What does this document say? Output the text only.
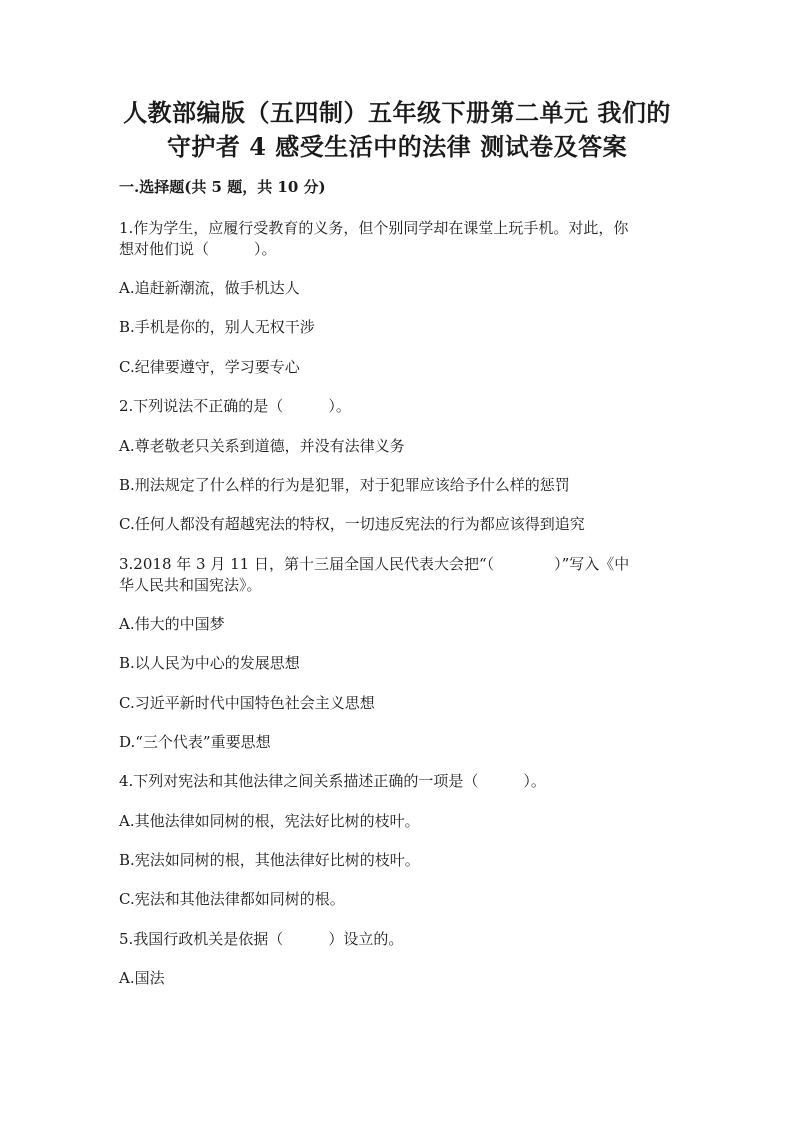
人教部编版（五四制）五年级下册第二单元 我们的
守护者 4 感受生活中的法律 测试卷及答案
一.选择题(共 5 题，共 10 分)
1.作为学生，应履行受教育的义务，但个别同学却在课堂上玩手机。对此，你
想对他们说（　　　）。
A.追赶新潮流，做手机达人
B.手机是你的，别人无权干涉
C.纪律要遵守，学习要专心
2.下列说法不正确的是（　　　）。
A.尊老敬老只关系到道德，并没有法律义务
B.刑法规定了什么样的行为是犯罪，对于犯罪应该给予什么样的惩罚
C.任何人都没有超越宪法的特权，一切违反宪法的行为都应该得到追究
3.2018 年 3 月 11 日，第十三届全国人民代表大会把“（　　　　）”写入《中
华人民共和国宪法》。
A.伟大的中国梦
B.以人民为中心的发展思想
C.习近平新时代中国特色社会主义思想
D.“三个代表”重要思想
4.下列对宪法和其他法律之间关系描述正确的一项是（　　　）。
A.其他法律如同树的根，宪法好比树的枝叶。
B.宪法如同树的根，其他法律好比树的枝叶。
C.宪法和其他法律都如同树的根。
5.我国行政机关是依据（　　　）设立的。
A.国法
